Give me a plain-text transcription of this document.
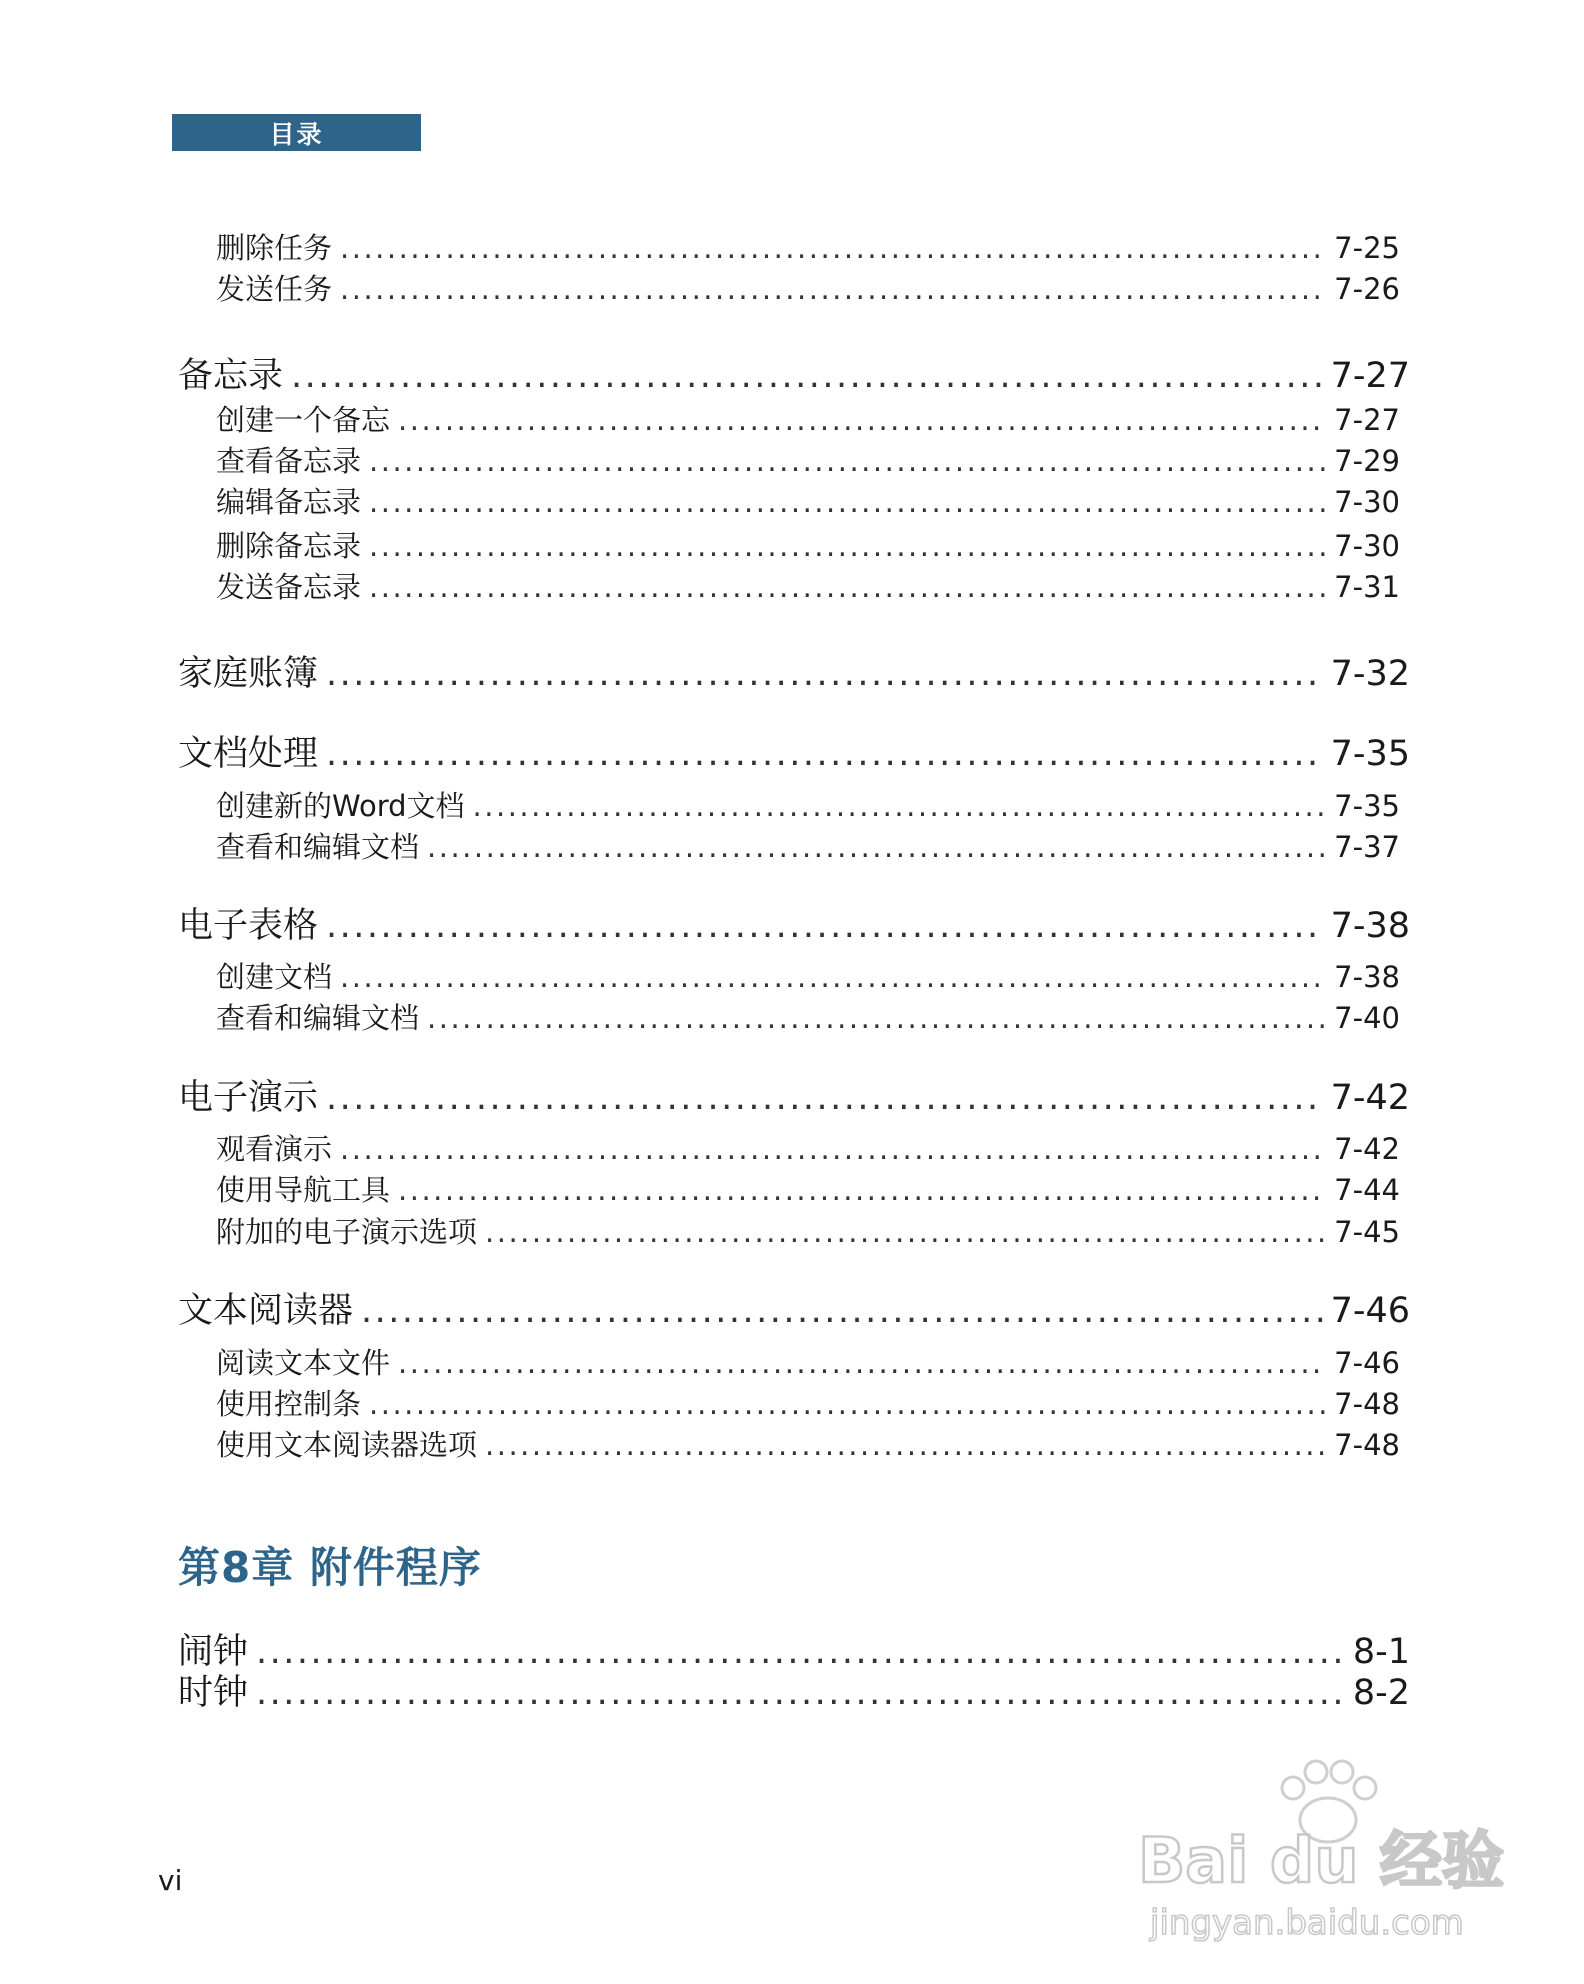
目录
删除任务 .....	7-25
发送任务 .....	7-26
备忘录 .....	7-27
创建一个备忘 .....	7-27
查看备忘录 .....	7-29
编辑备忘录 .....	7-30
删除备忘录 .....	7-30
发送备忘录 .....	7-31
家庭账簿 .....	7-32
文档处理 .....	7-35
创建新的Word文档 .....	7-35
查看和编辑文档 .....	7-37
电子表格 .....	7-38
创建文档 .....	7-38
查看和编辑文档 .....	7-40
电子演示 .....	7-42
观看演示 .....	7-42
使用导航工具 .....	7-44
附加的电子演示选项 .....	7-45
文本阅读器 .....	7-46
阅读文本文件 .....	7-46
使用控制条 .....	7-48
使用文本阅读器选项 .....	7-48
第8章 附件程序
闹钟 .....	8-1
时钟 .....	8-2
vi	Bai du 经验
jingyan.baidu.com
